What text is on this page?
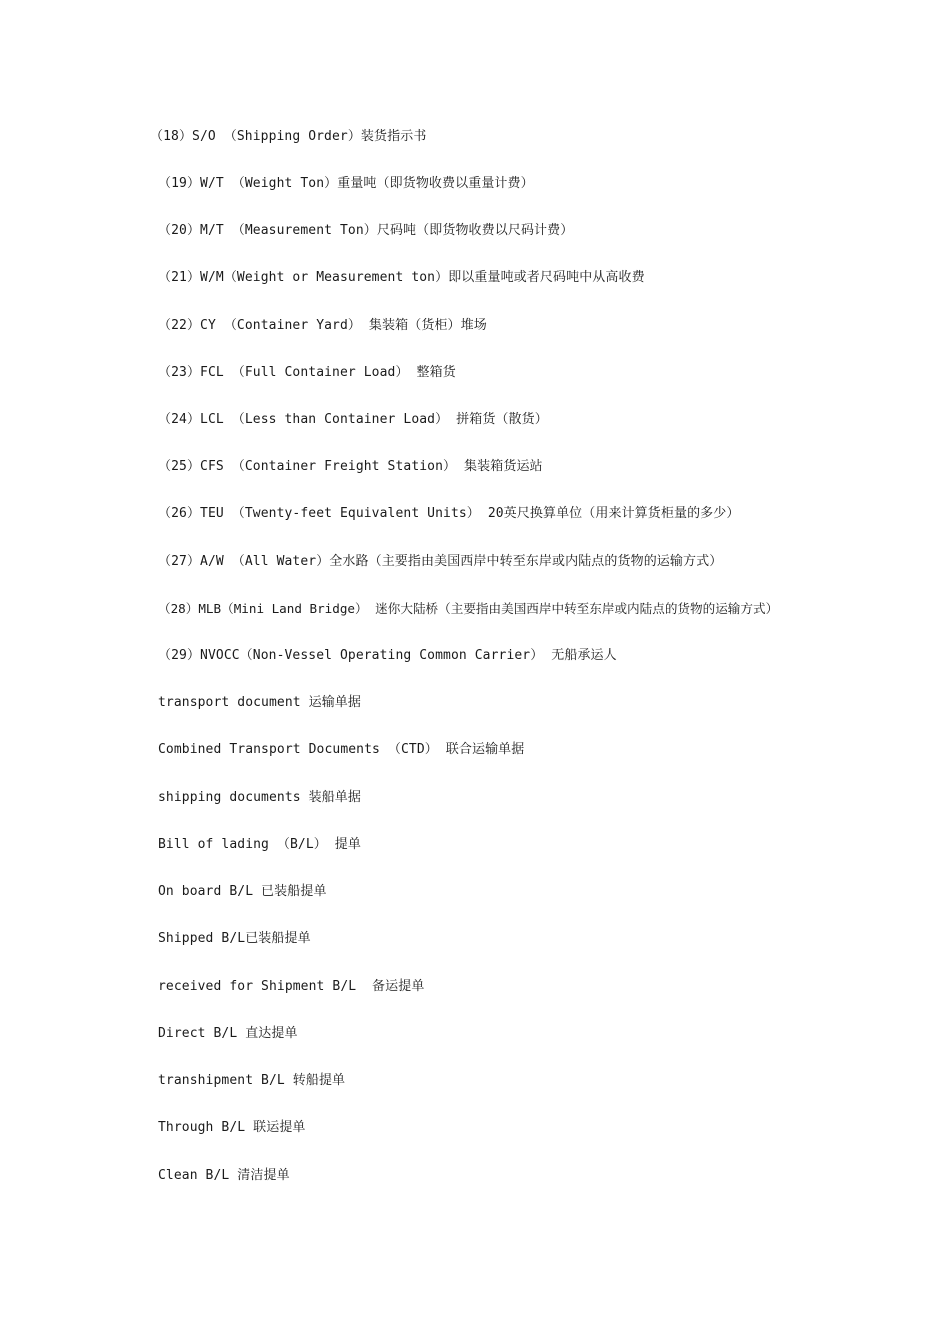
（18）S/O （Shipping Order）装货指示书
（19）W/T （Weight Ton）重量吨（即货物收费以重量计费）
（20）M/T （Measurement Ton）尺码吨（即货物收费以尺码计费）
（21）W/M（Weight or Measurement ton）即以重量吨或者尺码吨中从高收费
（22）CY （Container Yard） 集装箱（货柜）堆场
（23）FCL （Full Container Load） 整箱货
（24）LCL （Less than Container Load） 拼箱货（散货）
（25）CFS （Container Freight Station） 集装箱货运站
（26）TEU （Twenty-feet Equivalent Units） 20英尺换算单位（用来计算货柜量的多少）
（27）A/W （All Water）全水路（主要指由美国西岸中转至东岸或内陆点的货物的运输方式）
（28）MLB（Mini Land Bridge） 迷你大陆桥（主要指由美国西岸中转至东岸或内陆点的货物的运输方式）
（29）NVOCC（Non-Vessel Operating Common Carrier） 无船承运人
transport document 运输单据
Combined Transport Documents （CTD） 联合运输单据
shipping documents 装船单据
Bill of lading （B/L） 提单
On board B/L 已装船提单
Shipped B/L已装船提单
received for Shipment B/L  备运提单
Direct B/L 直达提单
transhipment B/L 转船提单
Through B/L 联运提单
Clean B/L 清洁提单
